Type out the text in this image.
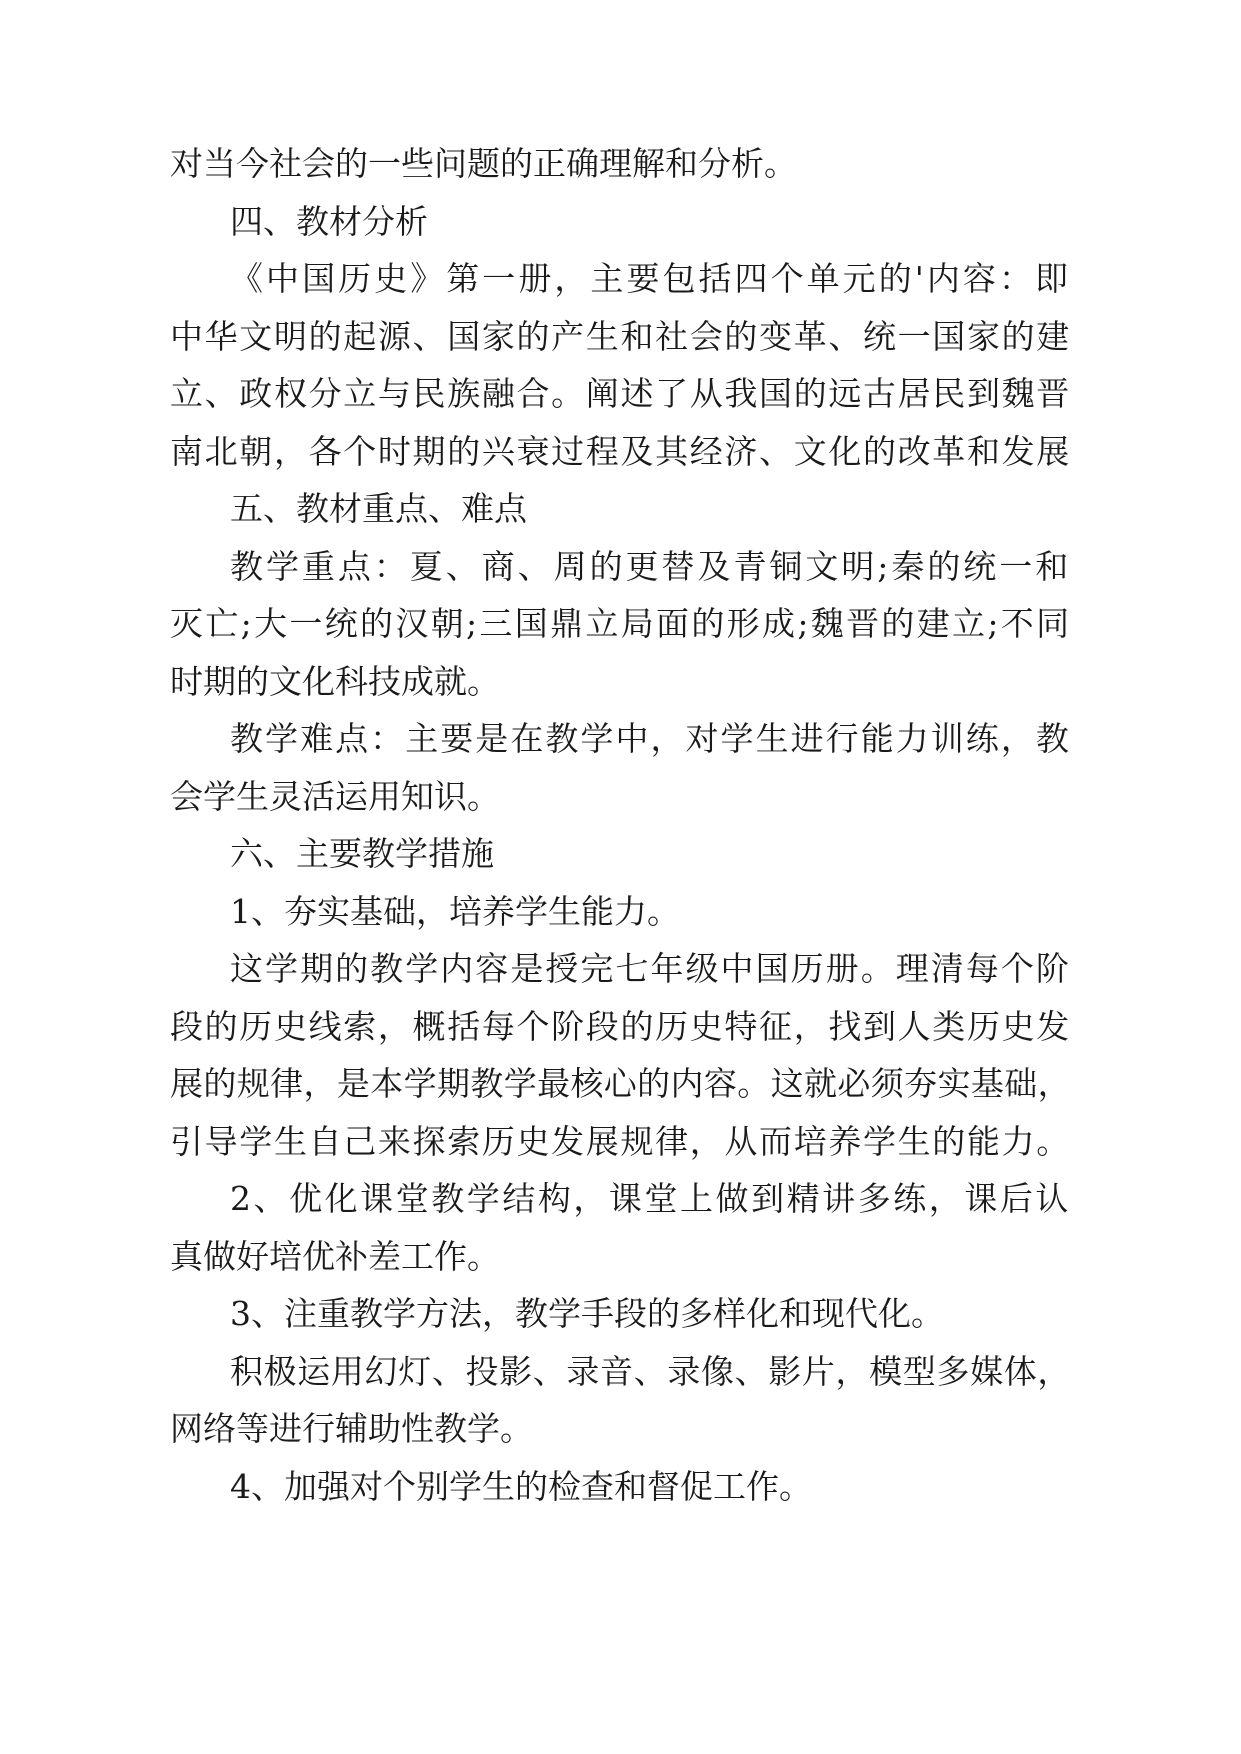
对当今社会的一些问题的正确理解和分析。
四、教材分析
《中国历史》第一册，主要包括四个单元的'内容：即
中华文明的起源、国家的产生和社会的变革、统一国家的建
立、政权分立与民族融合。阐述了从我国的远古居民到魏晋
南北朝，各个时期的兴衰过程及其经济、文化的改革和发展
五、教材重点、难点
教学重点：夏、商、周的更替及青铜文明;秦的统一和
灭亡;大一统的汉朝;三国鼎立局面的形成;魏晋的建立;不同
时期的文化科技成就。
教学难点：主要是在教学中，对学生进行能力训练，教
会学生灵活运用知识。
六、主要教学措施
1、夯实基础，培养学生能力。
这学期的教学内容是授完七年级中国历册。理清每个阶
段的历史线索，概括每个阶段的历史特征，找到人类历史发
展的规律，是本学期教学最核心的内容。这就必须夯实基础，
引导学生自己来探索历史发展规律，从而培养学生的能力。
2、优化课堂教学结构，课堂上做到精讲多练，课后认
真做好培优补差工作。
3、注重教学方法，教学手段的多样化和现代化。
积极运用幻灯、投影、录音、录像、影片，模型多媒体，
网络等进行辅助性教学。
4、加强对个别学生的检查和督促工作。
